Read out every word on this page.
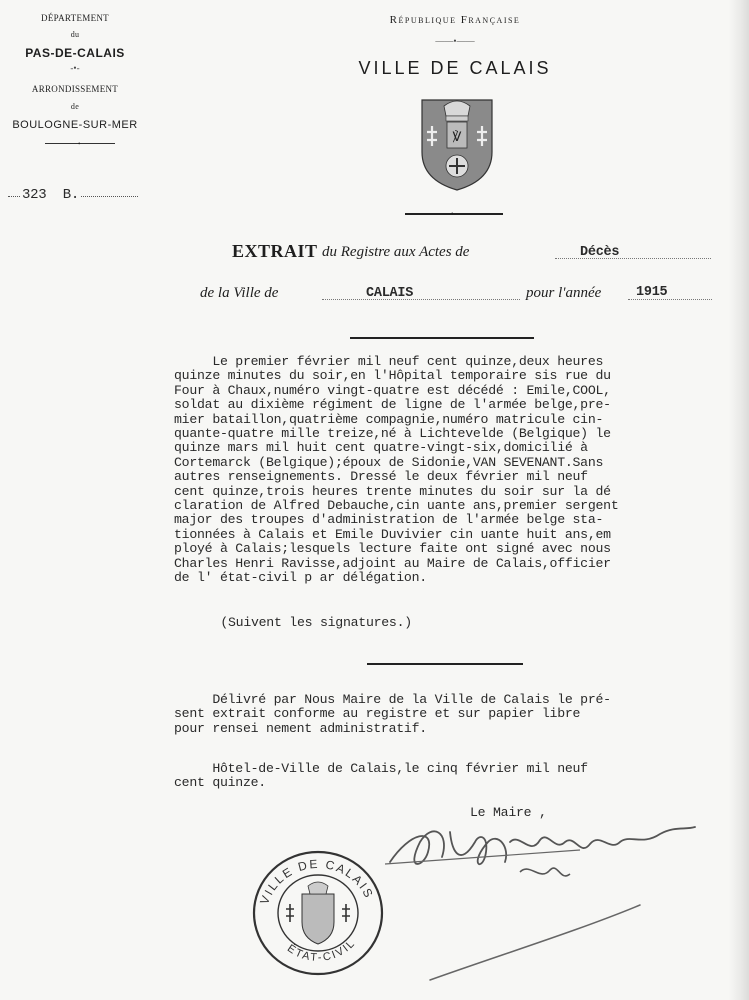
DÉPARTEMENT
du
PAS-DE-CALAIS
-•-
ARRONDISSEMENT
de
BOULOGNE-SUR-MER
•
323  B.
République Française
——•——
VILLE DE CALAIS
℣
•
EXTRAIT du Registre aux Actes de	Décès
de la Ville de	CALAIS	pour l'année	1915
Le premier février mil neuf cent quinze,deux heures
quinze minutes du soir,en l'Hôpital temporaire sis rue du
Four à Chaux,numéro vingt-quatre est décédé : Emile,COOL,
soldat au dixième régiment de ligne de l'armée belge,pre-
mier bataillon,quatrième compagnie,numéro matricule cin-
quante-quatre mille treize,né à Lichtevelde (Belgique) le
quinze mars mil huit cent quatre-vingt-six,domicilié à
Cortemarck (Belgique);époux de Sidonie,VAN SEVENANT.Sans
autres renseignements. Dressé le deux février mil neuf
cent quinze,trois heures trente minutes du soir sur la dé
claration de Alfred Debauche,cin uante ans,premier sergent
major des troupes d'administration de l'armée belge sta-
tionnées à Calais et Emile Duvivier cin uante huit ans,em
ployé à Calais;lesquels lecture faite ont signé avec nous
Charles Henri Ravisse,adjoint au Maire de Calais,officier
de l' état-civil p ar délégation.
(Suivent les signatures.)
Délivré par Nous Maire de la Ville de Calais le pré-
sent extrait conforme au registre et sur papier libre
pour rensei nement administratif.
Hôtel-de-Ville de Calais,le cinq février mil neuf
cent quinze.
Le Maire ,
VILLE DE CALAIS
ÉTAT-CIVIL
